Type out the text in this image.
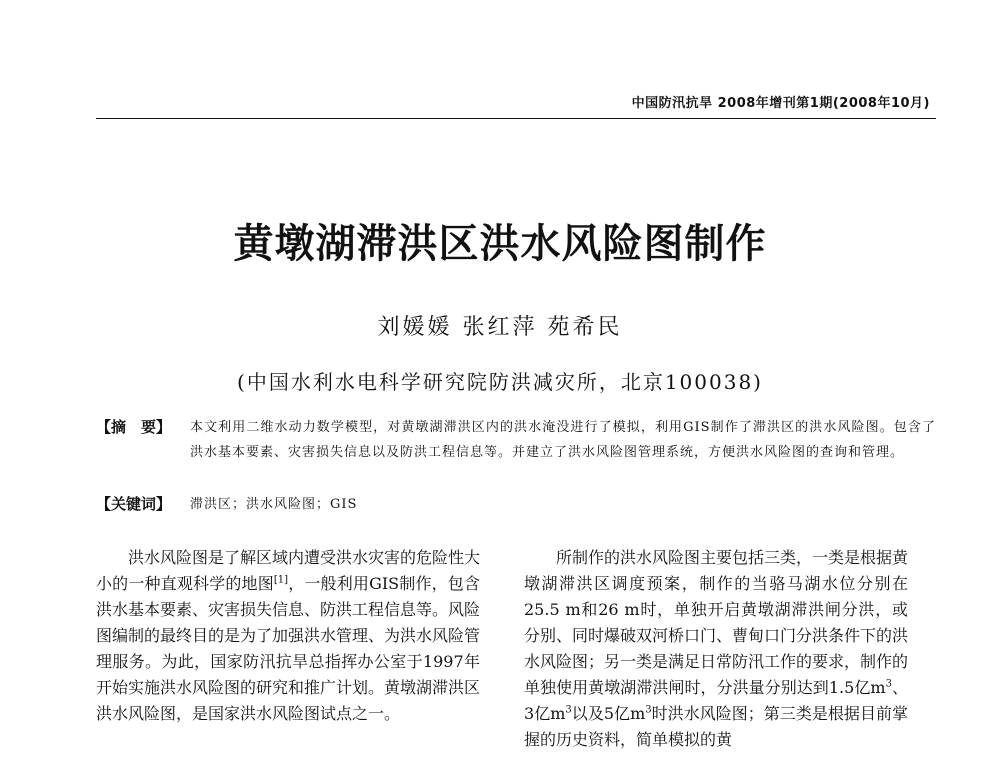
中国防汛抗旱 2008年增刊第1期(2008年10月)
黄墩湖滞洪区洪水风险图制作
刘媛媛 张红萍 苑希民
(中国水利水电科学研究院防洪减灾所，北京100038)
【摘　要】	本文利用二维水动力数学模型，对黄墩湖滞洪区内的洪水淹没进行了模拟，利用GIS制作了滞洪区的洪水风险图。包含了洪水基本要素、灾害损失信息以及防洪工程信息等。并建立了洪水风险图管理系统，方便洪水风险图的查询和管理。
【关键词】	滞洪区；洪水风险图；GIS

洪水风险图是了解区域内遭受洪水灾害的危险性大小的一种直观科学的地图[1]，一般利用GIS制作，包含洪水基本要素、灾害损失信息、防洪工程信息等。风险图编制的最终目的是为了加强洪水管理、为洪水风险管理服务。为此，国家防汛抗旱总指挥办公室于1997年开始实施洪水风险图的研究和推广计划。黄墩湖滞洪区洪水风险图，是国家洪水风险图试点之一。

所制作的洪水风险图主要包括三类，一类是根据黄墩湖滞洪区调度预案，制作的当骆马湖水位分别在25.5 m和26 m时，单独开启黄墩湖滞洪闸分洪，或分别、同时爆破双河桥口门、曹甸口门分洪条件下的洪水风险图；另一类是满足日常防汛工作的要求，制作的单独使用黄墩湖滞洪闸时，分洪量分别达到1.5亿$m^3$、3亿$m^3$以及5亿$m^3$时洪水风险图；第三类是根据目前掌握的历史资料，简单模拟的黄
